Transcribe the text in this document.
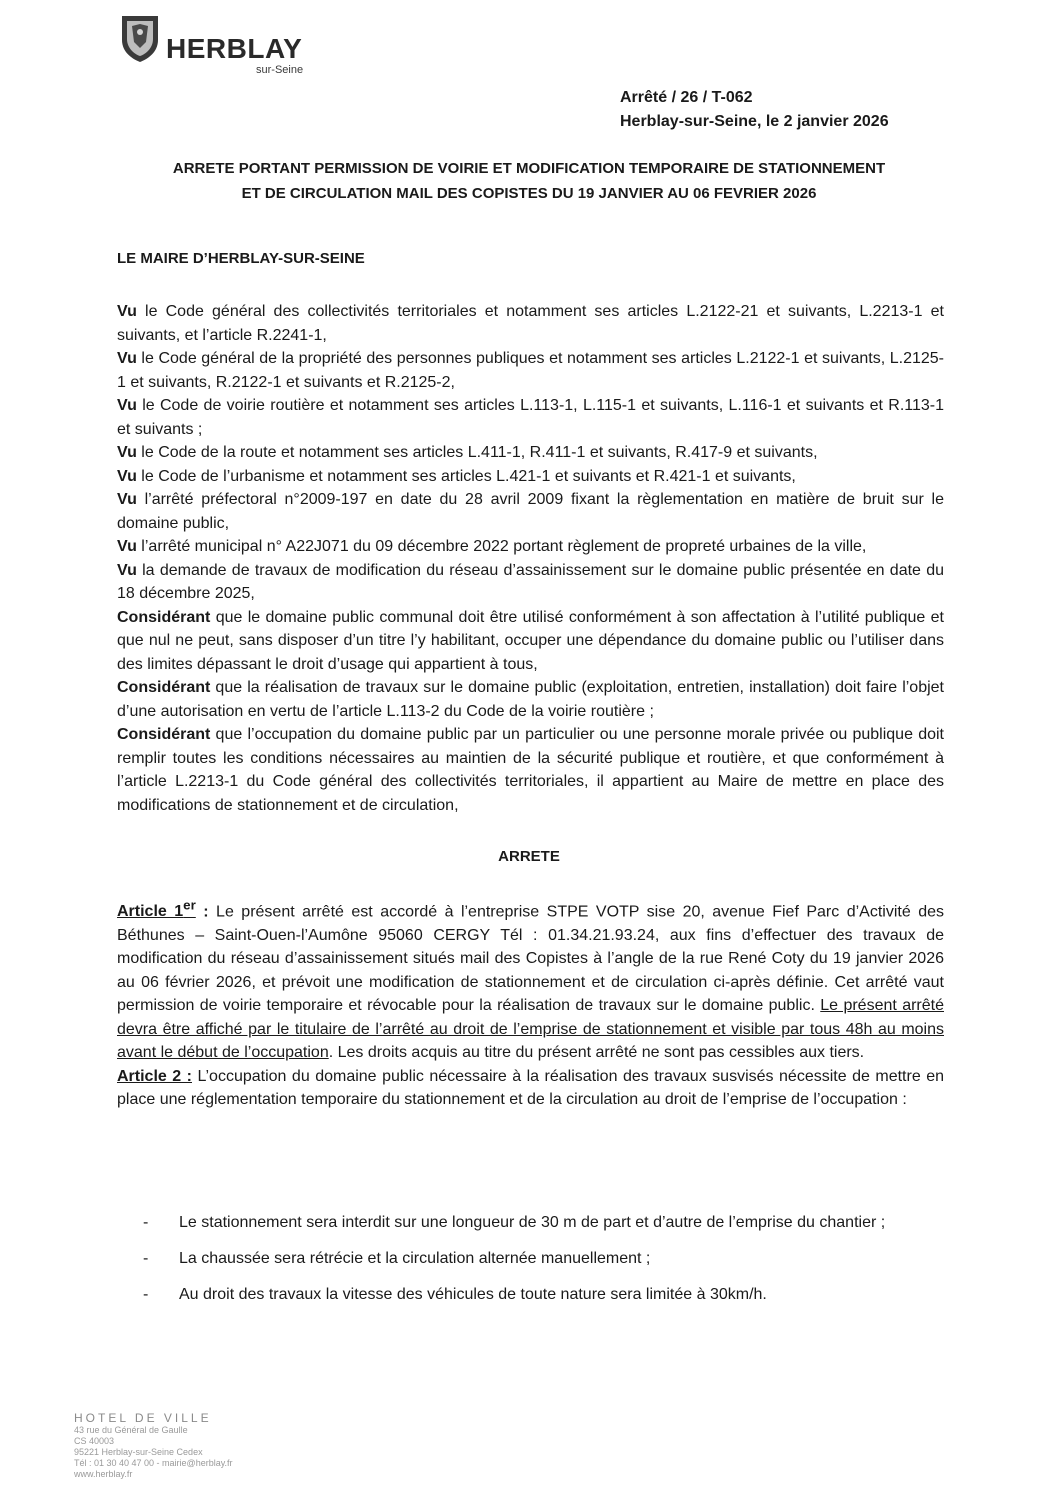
HERBLAY
sur-Seine
Arrêté / 26 / T-062
Herblay-sur-Seine, le 2 janvier 2026
ARRETE PORTANT PERMISSION DE VOIRIE ET MODIFICATION TEMPORAIRE DE STATIONNEMENT
ET DE CIRCULATION MAIL DES COPISTES DU 19 JANVIER AU 06 FEVRIER 2026
LE MAIRE D’HERBLAY-SUR-SEINE

Vu le Code général des collectivités territoriales et notamment ses articles L.2122-21 et suivants, L.2213-1 et suivants, et l’article R.2241-1,

Vu le Code général de la propriété des personnes publiques et notamment ses articles L.2122-1 et suivants, L.2125-1 et suivants, R.2122-1 et suivants et R.2125-2,

Vu le Code de voirie routière et notamment ses articles L.113-1, L.115-1 et suivants, L.116-1 et suivants et R.113-1 et suivants ;

Vu le Code de la route et notamment ses articles L.411-1, R.411-1 et suivants, R.417-9 et suivants,

Vu le Code de l’urbanisme et notamment ses articles L.421-1 et suivants et R.421-1 et suivants,

Vu l’arrêté préfectoral n°2009-197 en date du 28 avril 2009 fixant la règlementation en matière de bruit sur le domaine public,

Vu l’arrêté municipal n° A22J071 du 09 décembre 2022 portant règlement de propreté urbaines de la ville,

Vu la demande de travaux de modification du réseau d’assainissement sur le domaine public présentée en date du 18 décembre 2025,

Considérant que le domaine public communal doit être utilisé conformément à son affectation à l’utilité publique et que nul ne peut, sans disposer d’un titre l’y habilitant, occuper une dépendance du domaine public ou l’utiliser dans des limites dépassant le droit d’usage qui appartient à tous,

Considérant que la réalisation de travaux sur le domaine public (exploitation, entretien, installation) doit faire l’objet d’une autorisation en vertu de l’article L.113-2 du Code de la voirie routière ;

Considérant que l’occupation du domaine public par un particulier ou une personne morale privée ou publique doit remplir toutes les conditions nécessaires au maintien de la sécurité publique et routière, et que conformément à l’article L.2213-1 du Code général des collectivités territoriales, il appartient au Maire de mettre en place des modifications de stationnement et de circulation,

ARRETE

Article 1er : Le présent arrêté est accordé à l’entreprise STPE VOTP sise 20, avenue Fief Parc d’Activité des Béthunes – Saint-Ouen-l’Aumône 95060 CERGY Tél : 01.34.21.93.24, aux fins d’effectuer des travaux de modification du réseau d’assainissement situés mail des Copistes à l’angle de la rue René Coty du 19 janvier 2026 au 06 février 2026, et prévoit une modification de stationnement et de circulation ci-après définie. Cet arrêté vaut permission de voirie temporaire et révocable pour la réalisation de travaux sur le domaine public. Le présent arrêté devra être affiché par le titulaire de l’arrêté au droit de l’emprise de stationnement et visible par tous 48h au moins avant le début de l’occupation. Les droits acquis au titre du présent arrêté ne sont pas cessibles aux tiers.

Article 2 : L’occupation du domaine public nécessaire à la réalisation des travaux susvisés nécessite de mettre en place une réglementation temporaire du stationnement et de la circulation au droit de l’emprise de l’occupation :

- Le stationnement sera interdit sur une longueur de 30 m de part et d’autre de l’emprise du chantier ;
- La chaussée sera rétrécie et la circulation alternée manuellement ;
- Au droit des travaux la vitesse des véhicules de toute nature sera limitée à 30km/h.
HOTEL DE VILLE
43 rue du Général de Gaulle
CS 40003
95221 Herblay-sur-Seine Cedex
Tél : 01 30 40 47 00 - mairie@herblay.fr
www.herblay.fr
